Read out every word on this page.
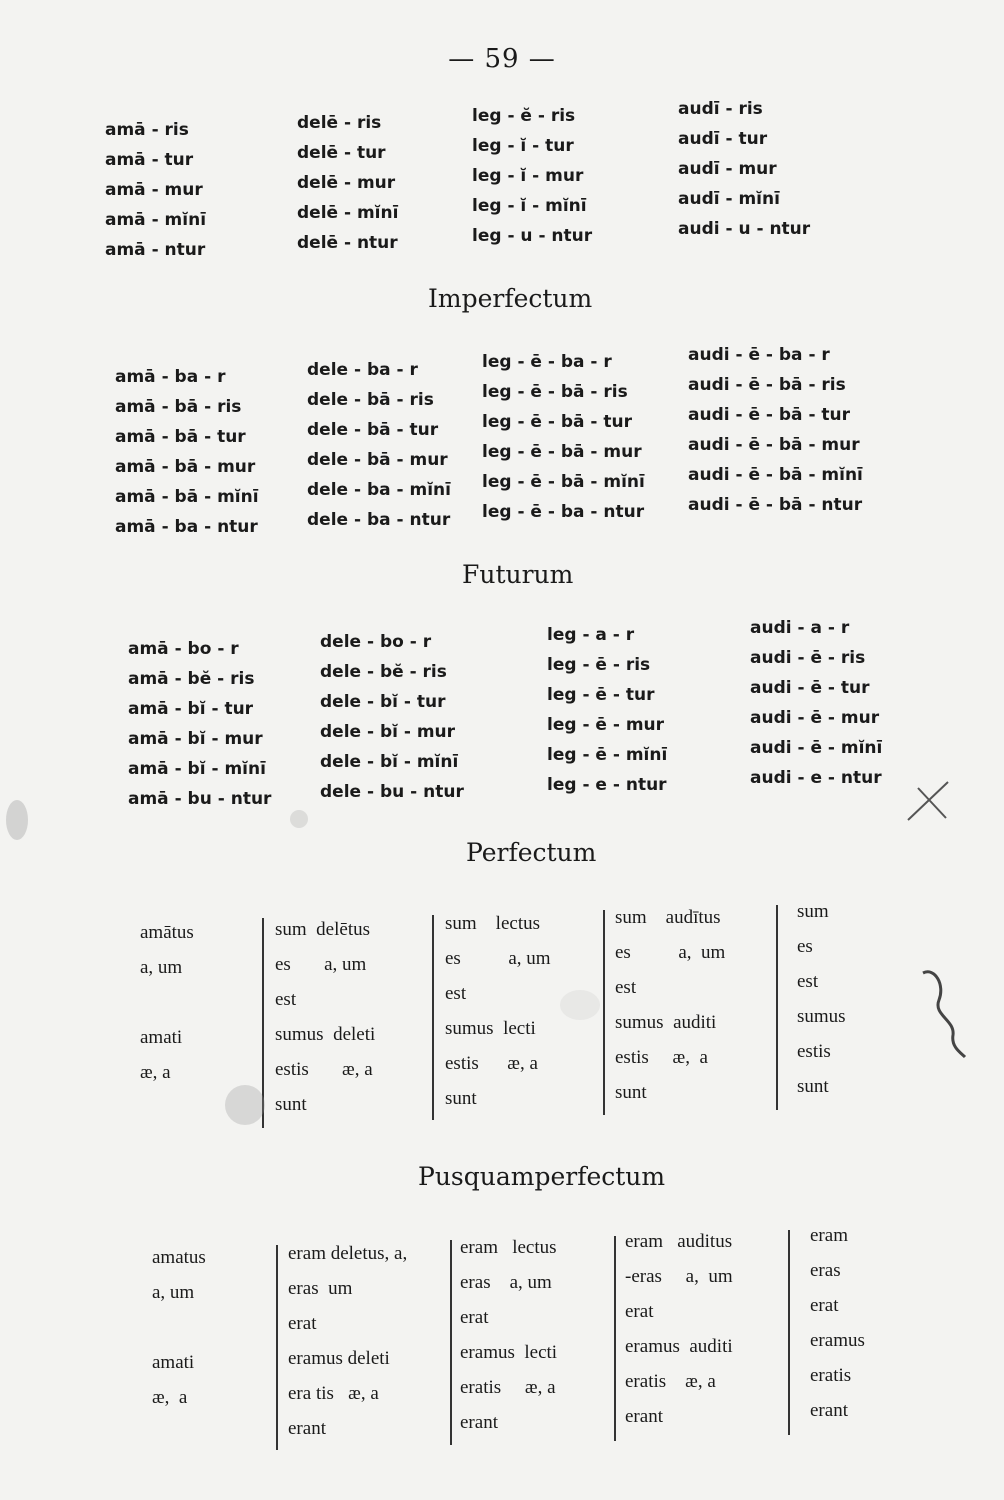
— 59 —
amā - ris
amā - tur
amā - mur
amā - mĭnī
amā - ntur
delē - ris
delē - tur
delē - mur
delē - mĭnī
delē - ntur
leg - ĕ - ris
leg - ĭ - tur
leg - ĭ - mur
leg - ĭ - mĭnī
leg - u - ntur
audī - ris
audī - tur
audī - mur
audī - mĭnī
audi - u - ntur
Imperfectum
amā - ba - r
amā - bā - ris
amā - bā - tur
amā - bā - mur
amā - bā - mĭnī
amā - ba - ntur
dele - ba - r
dele - bā - ris
dele - bā - tur
dele - bā - mur
dele - ba - mĭnī
dele - ba - ntur
leg - ē - ba - r
leg - ē - bā - ris
leg - ē - bā - tur
leg - ē - bā - mur
leg - ē - bā - mĭnī
leg - ē - ba - ntur
audi - ē - ba - r
audi - ē - bā - ris
audi - ē - bā - tur
audi - ē - bā - mur
audi - ē - bā - mĭnī
audi - ē - bā - ntur
Futurum
amā - bo - r
amā - bĕ - ris
amā - bĭ - tur
amā - bĭ - mur
amā - bĭ - mĭnī
amā - bu - ntur
dele - bo - r
dele - bĕ - ris
dele - bĭ - tur
dele - bĭ - mur
dele - bĭ - mĭnī
dele - bu - ntur
leg - a - r
leg - ē - ris
leg - ē - tur
leg - ē - mur
leg - ē - mĭnī
leg - e - ntur
audi - a - r
audi - ē - ris
audi - ē - tur
audi - ē - mur
audi - ē - mĭnī
audi - e - ntur
Perfectum
amātus
a, um
amati
æ, a
sum  delētus
es       a, um
est
sumus  deleti
estis       æ, a
sunt
sum    lectus
es          a, um
est
sumus  lecti
estis      æ, a
sunt
sum    audītus
es          a,  um
est
sumus  auditi
estis     æ,  a
sunt
sum
es
est
sumus
estis
sunt
Pusquamperfectum
amatus
a, um
amati
æ,  a
eram deletus, a,
eras  um
erat
eramus deleti
era tis   æ, a
erant
eram   lectus
eras    a, um
erat
eramus  lecti
eratis     æ, a
erant
eram   auditus
-eras     a,  um
erat
eramus  auditi
eratis    æ, a
erant
eram
eras
erat
eramus
eratis
erant
